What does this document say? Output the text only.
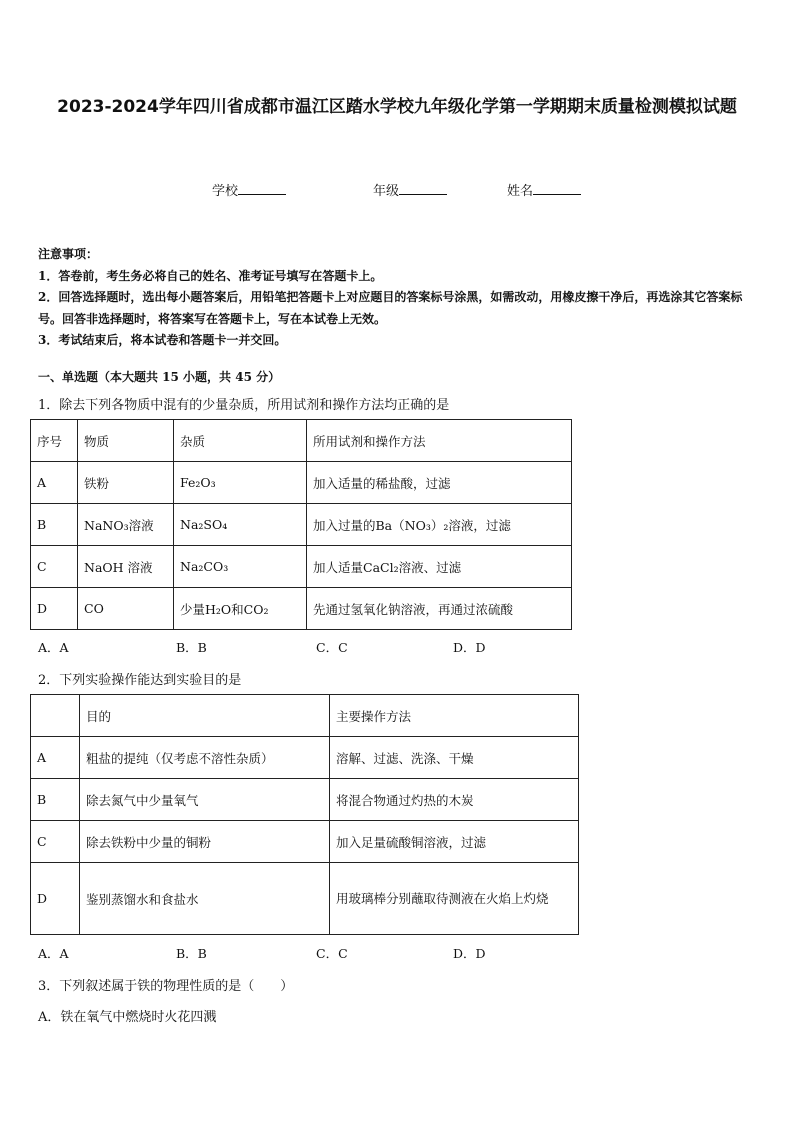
2023-2024学年四川省成都市温江区踏水学校九年级化学第一学期期末质量检测模拟试题
学校	年级	姓名

注意事项：

1．答卷前，考生务必将自己的姓名、准考证号填写在答题卡上。

2．回答选择题时，选出每小题答案后，用铅笔把答题卡上对应题目的答案标号涂黑，如需改动，用橡皮擦干净后，再选涂其它答案标号。回答非选择题时，将答案写在答题卡上，写在本试卷上无效。

3．考试结束后，将本试卷和答题卡一并交回。

一、单选题（本大题共 15 小题，共 45 分）
1．除去下列各物质中混有的少量杂质，所用试剂和操作方法均正确的是
序号	物质	杂质	所用试剂和操作方法
A	铁粉	Fe₂O₃	加入适量的稀盐酸，过滤
B	NaNO₃溶液	Na₂SO₄	加入过量的Ba（NO₃）₂溶液，过滤
C	NaOH 溶液	Na₂CO₃	加人适量CaCl₂溶液、过滤
D	CO	少量H₂O和CO₂	先通过氢氧化钠溶液，再通过浓硫酸
A．A	B．B	C．C	D．D
2．下列实验操作能达到实验目的是
	目的	主要操作方法
A	粗盐的提纯（仅考虑不溶性杂质）	溶解、过滤、洗涤、干燥
B	除去氮气中少量氧气	将混合物通过灼热的木炭
C	除去铁粉中少量的铜粉	加入足量硫酸铜溶液，过滤
D	鉴别蒸馏水和食盐水	用玻璃棒分别蘸取待测液在火焰上灼烧
A．A	B．B	C．C	D．D
3．下列叙述属于铁的物理性质的是（　　）
A．铁在氧气中燃烧时火花四溅
